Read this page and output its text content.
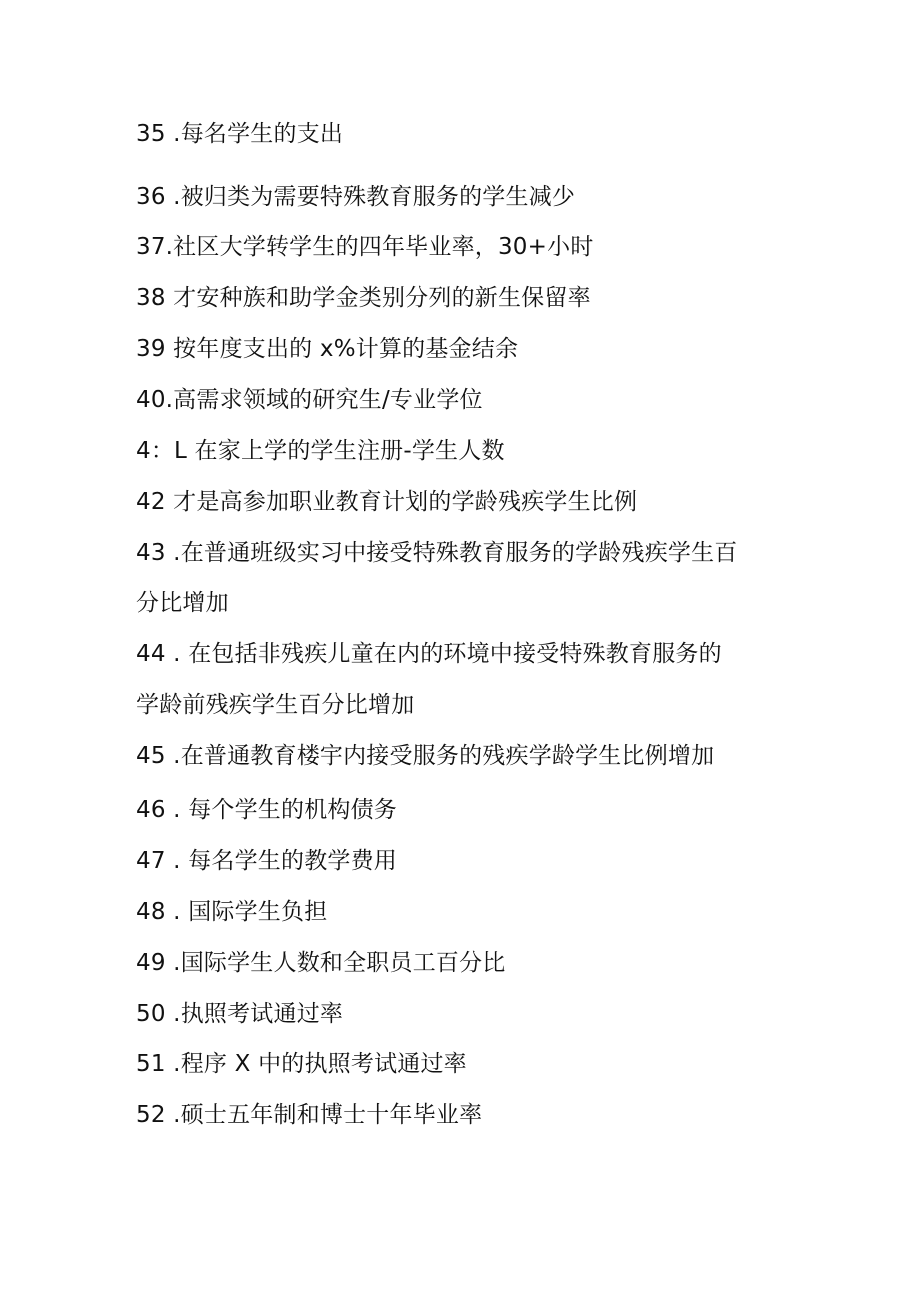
35 .每名学生的支出
36 .被归类为需要特殊教育服务的学生减少
37.社区大学转学生的四年毕业率，30+小时
38 才安种族和助学金类别分列的新生保留率
39 按年度支出的 x%计算的基金结余
40.高需求领域的研究生/专业学位
4：L 在家上学的学生注册-学生人数
42 才是高参加职业教育计划的学龄残疾学生比例
43 .在普通班级实习中接受特殊教育服务的学龄残疾学生百
分比增加
44 . 在包括非残疾儿童在内的环境中接受特殊教育服务的
学龄前残疾学生百分比增加
45 .在普通教育楼宇内接受服务的残疾学龄学生比例增加
46 . 每个学生的机构债务
47 . 每名学生的教学费用
48 . 国际学生负担
49 .国际学生人数和全职员工百分比
50 .执照考试通过率
51 .程序 X 中的执照考试通过率
52 .硕士五年制和博士十年毕业率
